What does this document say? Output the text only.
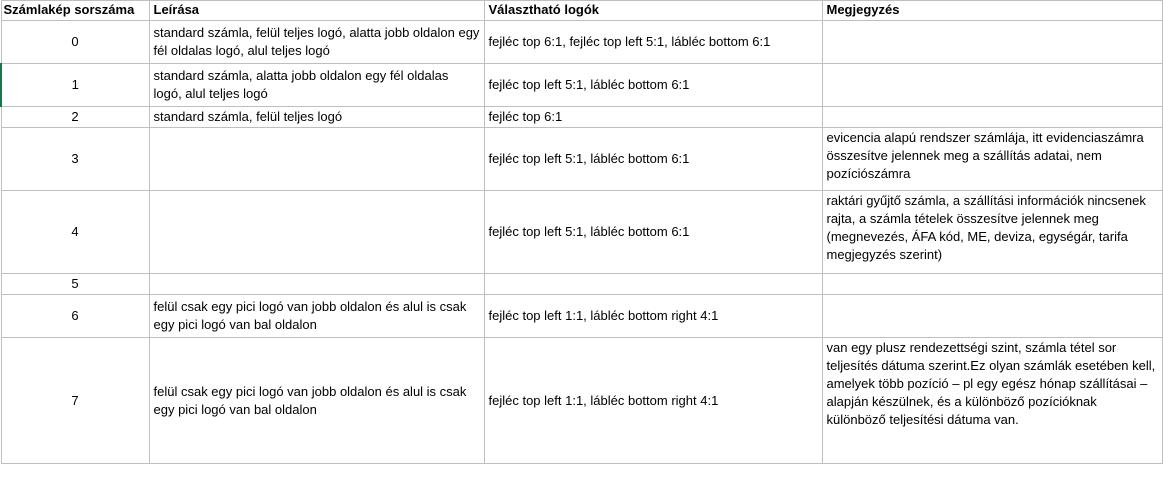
Számlakép sorszáma	Leírása	Választható logók	Megjegyzés
0	standard számla, felül teljes logó, alatta jobb oldalon egy fél oldalas logó, alul teljes logó	fejléc top 6:1, fejléc top left 5:1, lábléc bottom 6:1	
1	standard számla, alatta jobb oldalon egy fél oldalas logó, alul teljes logó	fejléc top left 5:1, lábléc bottom 6:1	
2	standard számla, felül teljes logó	fejléc top 6:1	
3		fejléc top left 5:1, lábléc bottom 6:1	evicencia alapú rendszer számlája, itt evidenciaszámra összesítve jelennek meg a szállítás adatai, nem pozíciószámra
4		fejléc top left 5:1, lábléc bottom 6:1	raktári gyűjtő számla, a szállítási információk nincsenek rajta, a számla tételek összesítve jelennek meg (megnevezés, ÁFA kód, ME, deviza, egységár, tarifa megjegyzés szerint)
5			
6	felül csak egy pici logó van jobb oldalon és alul is csak egy pici logó van bal oldalon	fejléc top left 1:1, lábléc bottom right 4:1	
7	felül csak egy pici logó van jobb oldalon és alul is csak egy pici logó van bal oldalon	fejléc top left 1:1, lábléc bottom right 4:1	van egy plusz rendezettségi szint, számla tétel sor teljesítés dátuma szerint.Ez olyan számlák esetében kell, amelyek több pozíció – pl egy egész hónap szállításai – alapján készülnek, és a különböző pozícióknak különböző teljesítési dátuma van.
